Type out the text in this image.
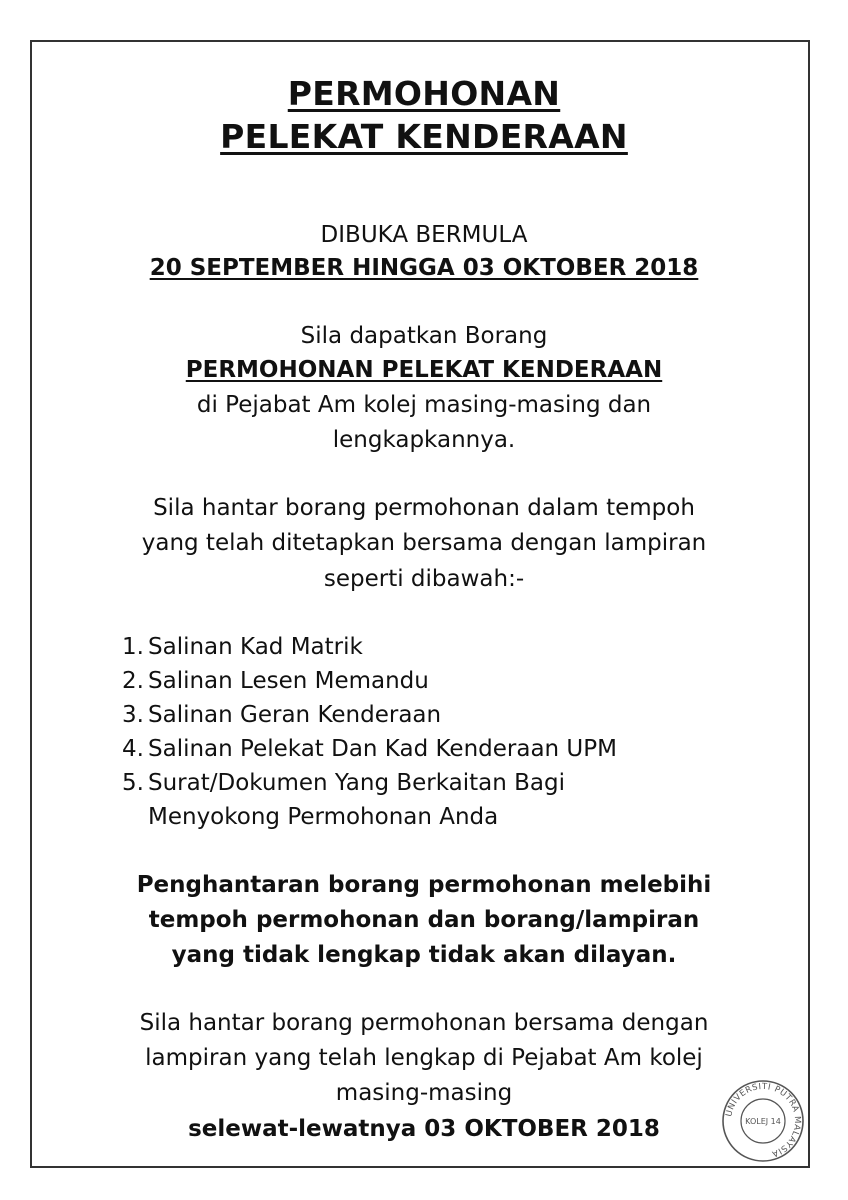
PERMOHONAN

PELEKAT KENDERAAN

DIBUKA BERMULA

20 SEPTEMBER HINGGA 03 OKTOBER 2018

Sila dapatkan Borang

PERMOHONAN PELEKAT KENDERAAN

di Pejabat Am kolej masing-masing dan

lengkapkannya.

Sila hantar borang permohonan dalam tempoh

yang telah ditetapkan bersama dengan lampiran

seperti dibawah:-

1. Salinan Kad Matrik
2. Salinan Lesen Memandu
3. Salinan Geran Kenderaan
4. Salinan Pelekat Dan Kad Kenderaan UPM
5. Surat/Dokumen Yang Berkaitan Bagi

Menyokong Permohonan Anda

Penghantaran borang permohonan melebihi

tempoh permohonan dan borang/lampiran

yang tidak lengkap tidak akan dilayan.

Sila hantar borang permohonan bersama dengan

lampiran yang telah lengkap di Pejabat Am kolej

masing-masing

selewat-lewatnya 03 OKTOBER 2018

UNIVERSITI PUTRA MALAYSIA
KOLEJ 14
